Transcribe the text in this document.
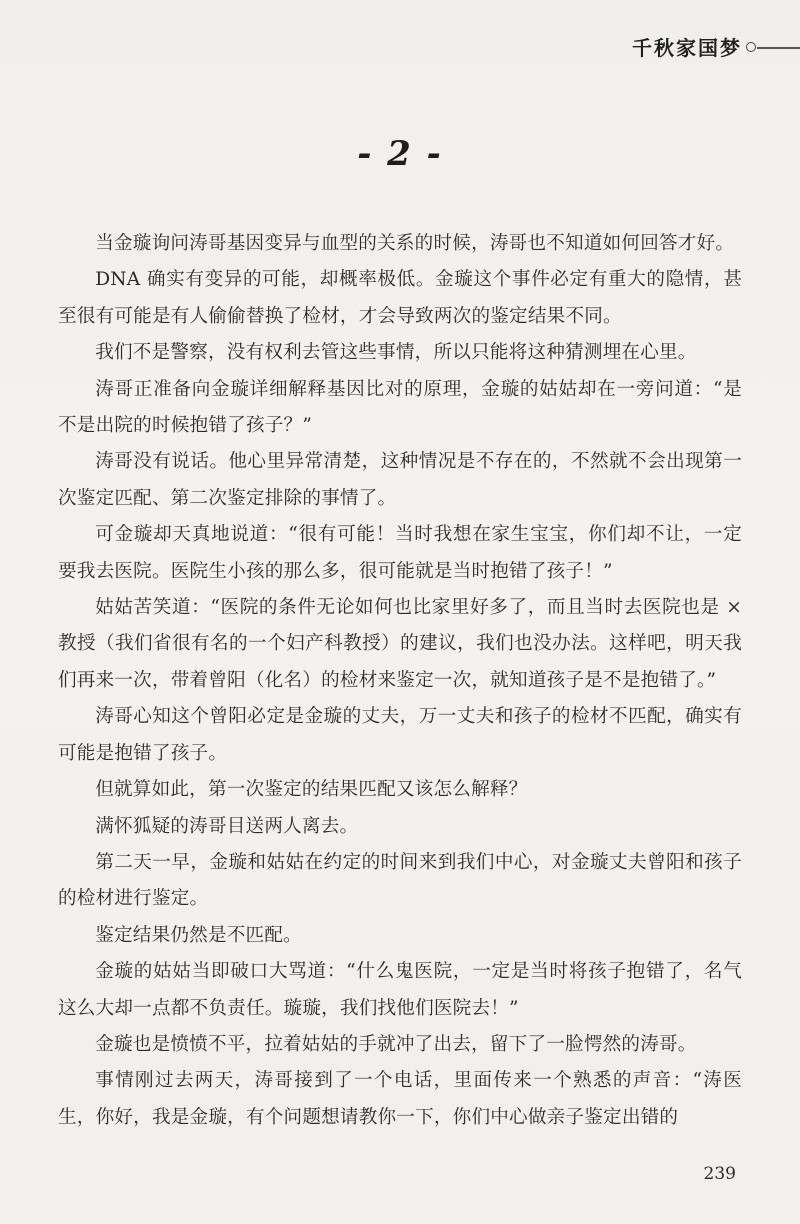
千秋家国梦
- 2 -

当金璇询问涛哥基因变异与血型的关系的时候，涛哥也不知道如何回答才好。

DNA 确实有变异的可能，却概率极低。金璇这个事件必定有重大的隐情，甚至很有可能是有人偷偷替换了检材，才会导致两次的鉴定结果不同。

我们不是警察，没有权利去管这些事情，所以只能将这种猜测埋在心里。

涛哥正准备向金璇详细解释基因比对的原理，金璇的姑姑却在一旁问道：“是不是出院的时候抱错了孩子？”

涛哥没有说话。他心里异常清楚，这种情况是不存在的，不然就不会出现第一次鉴定匹配、第二次鉴定排除的事情了。

可金璇却天真地说道：“很有可能！当时我想在家生宝宝，你们却不让，一定要我去医院。医院生小孩的那么多，很可能就是当时抱错了孩子！”

姑姑苦笑道：“医院的条件无论如何也比家里好多了，而且当时去医院也是 × 教授（我们省很有名的一个妇产科教授）的建议，我们也没办法。这样吧，明天我们再来一次，带着曾阳（化名）的检材来鉴定一次，就知道孩子是不是抱错了。”

涛哥心知这个曾阳必定是金璇的丈夫，万一丈夫和孩子的检材不匹配，确实有可能是抱错了孩子。

但就算如此，第一次鉴定的结果匹配又该怎么解释？

满怀狐疑的涛哥目送两人离去。

第二天一早，金璇和姑姑在约定的时间来到我们中心，对金璇丈夫曾阳和孩子的检材进行鉴定。

鉴定结果仍然是不匹配。

金璇的姑姑当即破口大骂道：“什么鬼医院，一定是当时将孩子抱错了，名气这么大却一点都不负责任。璇璇，我们找他们医院去！”

金璇也是愤愤不平，拉着姑姑的手就冲了出去，留下了一脸愕然的涛哥。

事情刚过去两天，涛哥接到了一个电话，里面传来一个熟悉的声音：“涛医生，你好，我是金璇，有个问题想请教你一下，你们中心做亲子鉴定出错的

239
